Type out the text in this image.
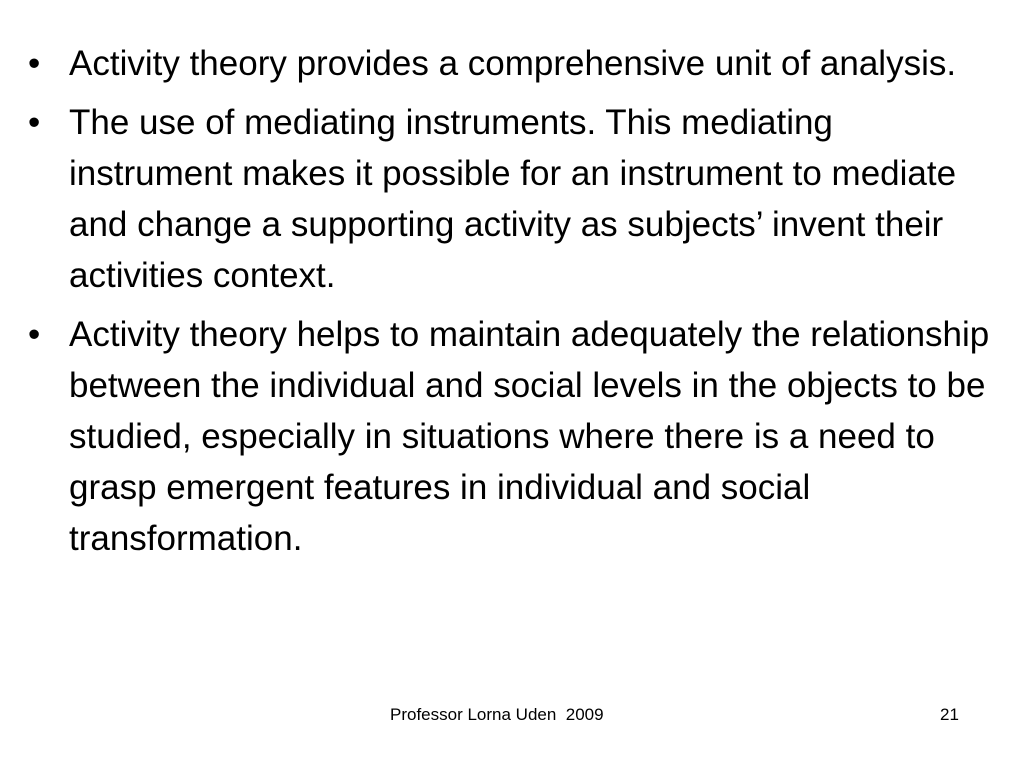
• Activity theory provides a comprehensive unit of analysis.
• The use of mediating instruments. This mediating instrument makes it possible for an instrument to mediate and change a supporting activity as subjects’ invent their activities context.
• Activity theory helps to maintain adequately the relationship between the individual and social levels in the objects to be studied, especially in situations where there is a need to grasp emergent features in individual and social transformation.
Professor Lorna Uden  2009	21
